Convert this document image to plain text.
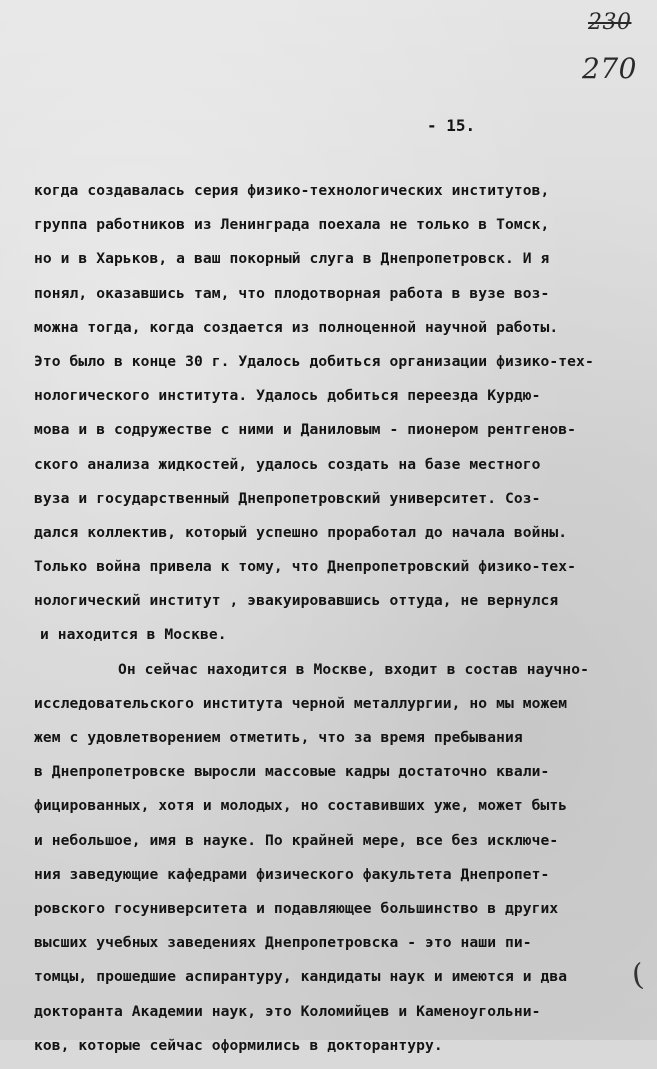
230
270
- 15.
когда создавалась серия физико-технологических институтов,
группа работников из Ленинграда поехала не только в Томск,
но и в Харьков, а ваш покорный слуга в Днепропетровск. И я
понял, оказавшись там, что плодотворная работа в вузе воз-
можна тогда, когда создается из полноценной научной работы.
Это было в конце 30 г. Удалось добиться организации физико-тех-
нологического института. Удалось добиться переезда Курдю-
мова и в содружестве с ними и Даниловым - пионером рентгенов-
ского анализа жидкостей, удалось создать на базе местного
вуза и государственный Днепропетровский университет. Соз-
дался коллектив, который успешно проработал до начала войны.
Только война привела к тому, что Днепропетровский физико-тех-
нологический институт , эвакуировавшись оттуда, не вернулся
и находится в Москве.
Он сейчас находится в Москве, входит в состав научно-
исследовательского института черной металлургии, но мы можем
жем с удовлетворением отметить, что за время пребывания
в Днепропетровске выросли массовые кадры достаточно квали-
фицированных, хотя и молодых, но составивших уже, может быть
и небольшое, имя в науке. По крайней мере, все без исключе-
ния заведующие кафедрами физического факультета Днепропет-
ровского госуниверситета и подавляющее большинство в других
высших учебных заведениях Днепропетровска - это наши пи-
томцы, прошедшие аспирантуру, кандидаты наук и имеются и два
докторанта Академии наук, это Коломийцев и Каменоугольни-
ков, которые сейчас оформились в докторантуру.
(
